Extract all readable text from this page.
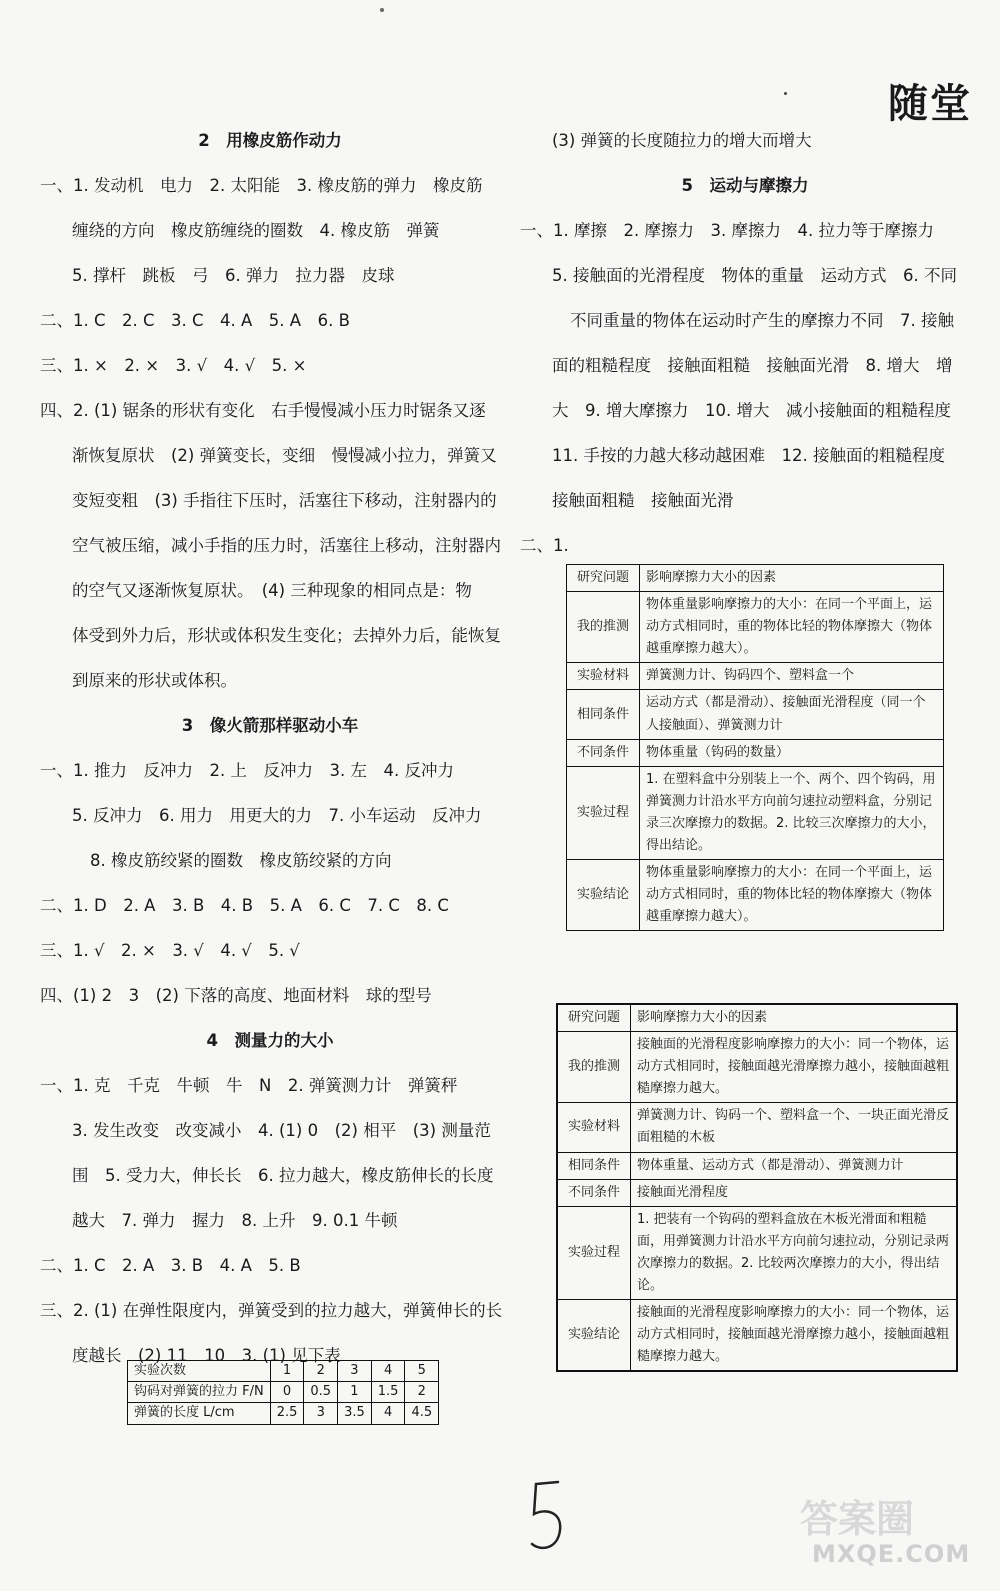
随堂
2　用橡皮筋作动力
一、1. 发动机　电力　2. 太阳能　3. 橡皮筋的弹力　橡皮筋
缠绕的方向　橡皮筋缠绕的圈数　4. 橡皮筋　弹簧
5. 撑杆　跳板　弓　6. 弹力　拉力器　皮球
二、1. C　2. C　3. C　4. A　5. A　6. B
三、1. ×　2. ×　3. √　4. √　5. ×
四、2. (1) 锯条的形状有变化　右手慢慢减小压力时锯条又逐
渐恢复原状　(2) 弹簧变长，变细　慢慢减小拉力，弹簧又
变短变粗　(3) 手指往下压时，活塞往下移动，注射器内的
空气被压缩，减小手指的压力时，活塞往上移动，注射器内
的空气又逐渐恢复原状。　(4) 三种现象的相同点是：物
体受到外力后，形状或体积发生变化；去掉外力后，能恢复
到原来的形状或体积。
3　像火箭那样驱动小车
一、1. 推力　反冲力　2. 上　反冲力　3. 左　4. 反冲力
5. 反冲力　6. 用力　用更大的力　7. 小车运动　反冲力
8. 橡皮筋绞紧的圈数　橡皮筋绞紧的方向
二、1. D　2. A　3. B　4. B　5. A　6. C　7. C　8. C
三、1. √　2. ×　3. √　4. √　5. √
四、(1) 2　3　(2) 下落的高度、地面材料　球的型号
4　测量力的大小
一、1. 克　千克　牛顿　牛　N　2. 弹簧测力计　弹簧秤
3. 发生改变　改变减小　4. (1) 0　(2) 相平　(3) 测量范
围　5. 受力大，伸长长　6. 拉力越大，橡皮筋伸长的长度
越大　7. 弹力　握力　8. 上升　9. 0.1 牛顿
二、1. C　2. A　3. B　4. A　5. B
三、2. (1) 在弹性限度内，弹簧受到的拉力越大，弹簧伸长的长
度越长　(2) 11　10　3. (1) 见下表
(3) 弹簧的长度随拉力的增大而增大
5　运动与摩擦力
一、1. 摩擦　2. 摩擦力　3. 摩擦力　4. 拉力等于摩擦力
5. 接触面的光滑程度　物体的重量　运动方式　6. 不同
不同重量的物体在运动时产生的摩擦力不同　7. 接触
面的粗糙程度　接触面粗糙　接触面光滑　8. 增大　增
大　9. 增大摩擦力　10. 增大　减小接触面的粗糙程度
11. 手按的力越大移动越困难　12. 接触面的粗糙程度
接触面粗糙　接触面光滑
二、1.
研究问题	影响摩擦力大小的因素
我的推测	物体重量影响摩擦力的大小：在同一个平面上，运动方式相同时，重的物体比轻的物体摩擦大（物体越重摩擦力越大）。
实验材料	弹簧测力计、钩码四个、塑料盒一个
相同条件	运动方式（都是滑动）、接触面光滑程度（同一个人接触面）、弹簧测力计
不同条件	物体重量（钩码的数量）
实验过程	1. 在塑料盒中分别装上一个、两个、四个钩码，用弹簧测力计沿水平方向前匀速拉动塑料盒，分别记录三次摩擦力的数据。2. 比较三次摩擦力的大小，得出结论。
实验结论	物体重量影响摩擦力的大小：在同一个平面上，运动方式相同时，重的物体比轻的物体摩擦大（物体越重摩擦力越大）。
研究问题	影响摩擦力大小的因素
我的推测	接触面的光滑程度影响摩擦力的大小：同一个物体，运动方式相同时，接触面越光滑摩擦力越小，接触面越粗糙摩擦力越大。
实验材料	弹簧测力计、钩码一个、塑料盒一个、一块正面光滑反面粗糙的木板
相同条件	物体重量、运动方式（都是滑动）、弹簧测力计
不同条件	接触面光滑程度
实验过程	1. 把装有一个钩码的塑料盒放在木板光滑面和粗糙面，用弹簧测力计沿水平方向前匀速拉动，分别记录两次摩擦力的数据。2. 比较两次摩擦力的大小，得出结论。
实验结论	接触面的光滑程度影响摩擦力的大小：同一个物体，运动方式相同时，接触面越光滑摩擦力越小，接触面越粗糙摩擦力越大。
实验次数	1	2	3	4	5
钩码对弹簧的拉力 F/N	0	0.5	1	1.5	2
弹簧的长度 L/cm	2.5	3	3.5	4	4.5
答案圈
MXQE.COM
